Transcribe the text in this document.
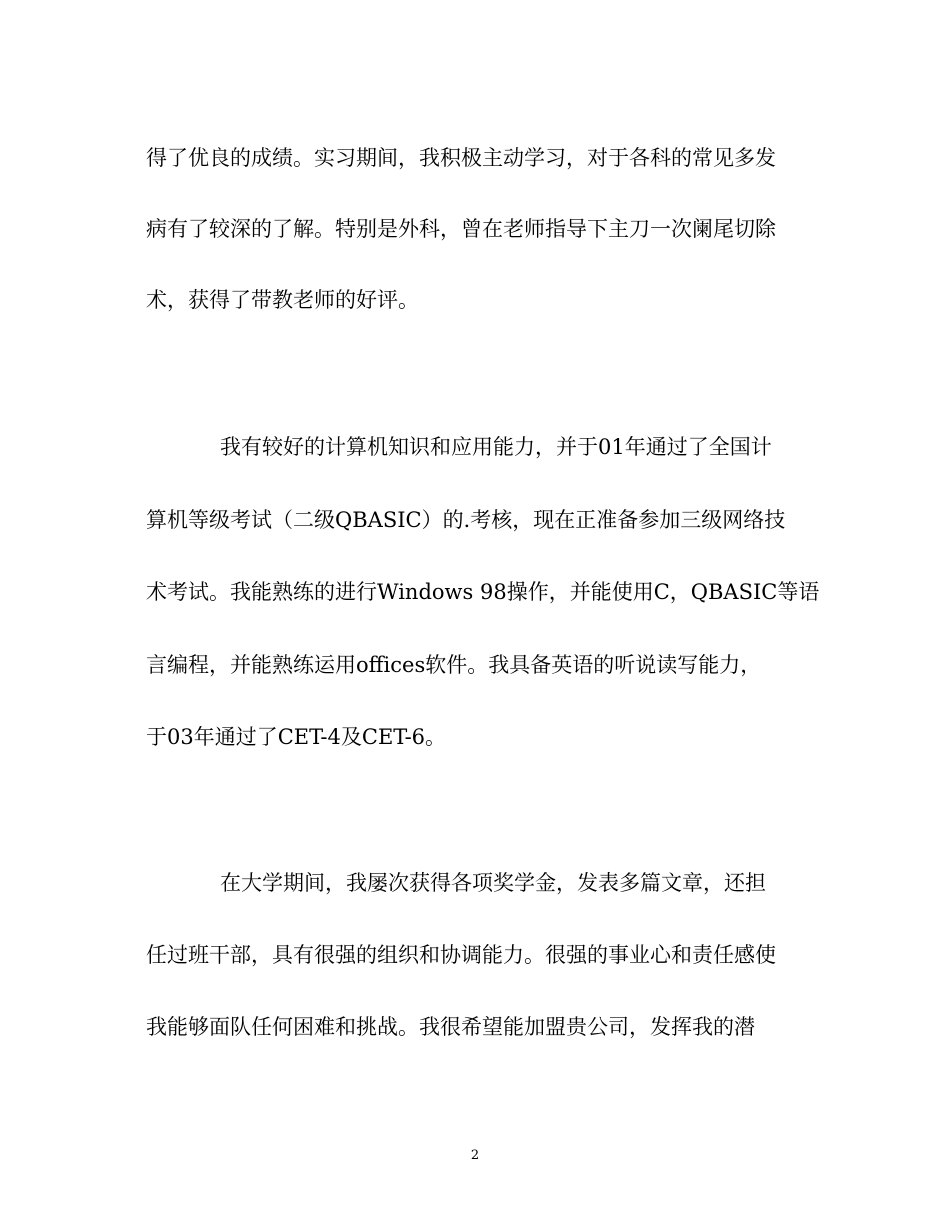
得了优良的成绩。实习期间，我积极主动学习，对于各科的常见多发
病有了较深的了解。特别是外科，曾在老师指导下主刀一次阑尾切除
术，获得了带教老师的好评。
我有较好的计算机知识和应用能力，并于01年通过了全国计
算机等级考试（二级QBASIC）的.考核，现在正准备参加三级网络技
术考试。我能熟练的进行Windows 98操作，并能使用C，QBASIC等语
言编程，并能熟练运用offices软件。我具备英语的听说读写能力，
于03年通过了CET-4及CET-6。
在大学期间，我屡次获得各项奖学金，发表多篇文章，还担
任过班干部，具有很强的组织和协调能力。很强的事业心和责任感使
我能够面队任何困难和挑战。我很希望能加盟贵公司，发挥我的潜
2
